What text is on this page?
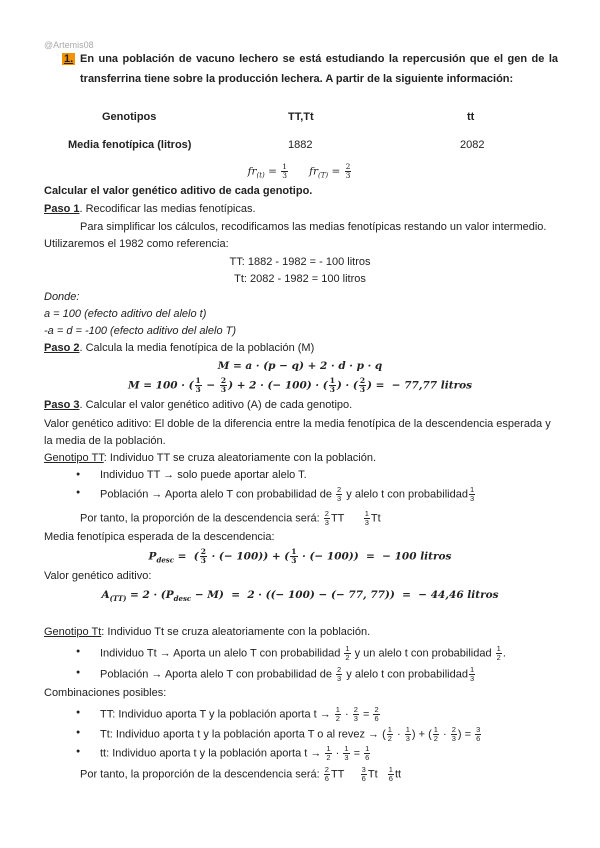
@Artemis08
1. En una población de vacuno lechero se está estudiando la repercusión que el gen de la
transferrina tiene sobre la producción lechera. A partir de la siguiente información:
Genotipos	TT,Tt	tt
Media fenotípica (litros)	1882	2082
$fr_{(t)} = \frac{1}{3} fr_{(T)} = \frac{2}{3}$
Calcular el valor genético aditivo de cada genotipo.
Paso 1. Recodificar las medias fenotípicas.
Para simplificar los cálculos, recodificamos las medias fenotípicas restando un valor intermedio.
Utilizaremos el 1982 como referencia:
TT: 1882 - 1982 = - 100 litros
Tt: 2082 - 1982 = 100 litros
Donde:
a = 100 (efecto aditivo del alelo t)
-a = d = -100 (efecto aditivo del alelo T)
Paso 2. Calcula la media fenotípica de la población (M)
M = a · (p − q) + 2 · d · p · q
M = 100 · ( $\frac{1}{3} - \frac{2}{3}$ ) + 2 · (− 100) · ( $\frac{1}{3}$ ) · ( $\frac{2}{3}$ ) =  − 77,77 litros
Paso 3. Calcular el valor genético aditivo (A) de cada genotipo.
Valor genético aditivo: El doble de la diferencia entre la media fenotípica de la descendencia esperada y
la media de la población.
Genotipo TT: Individuo TT se cruza aleatoriamente con la población.
● Individuo TT → solo puede aportar alelo T.
● Población → Aporta alelo T con probabilidad de $\frac{2}{3}$ y alelo t con probabilidad $\frac{1}{3}$
Por tanto, la proporción de la descendencia será: $\frac{2}{3}$ TT $\frac{1}{3}$ Tt
Media fenotípica esperada de la descendencia:
$P_{desc}$ =  ( $\frac{2}{3}$ · (− 100)) + ( $\frac{1}{3}$ · (− 100))  =  − 100 litros
Valor genético aditivo:
$A_{(TT)} = 2 \cdot (P_{desc} - M) = 2$ · ((− 100) − (− 77, 77))  =  − 44,46 litros
Genotipo Tt: Individuo Tt se cruza aleatoriamente con la población.
● Individuo Tt → Aporta un alelo T con probabilidad $\frac{1}{2}$ y un alelo t con probabilidad $\frac{1}{2}$ .
● Población → Aporta alelo T con probabilidad de $\frac{2}{3}$ y alelo t con probabilidad $\frac{1}{3}$
Combinaciones posibles:
● TT: Individuo aporta T y la población aporta $t \to \frac{1}{2} \cdot \frac{2}{3} = \frac{2}{6}$
● Tt: Individuo aporta t y la población aporta T o al revez → ( $\frac{1}{2} \cdot \frac{1}{3}$ ) + ( $\frac{1}{2} \cdot \frac{2}{3}$ ) = $\frac{3}{6}$
● tt: Individuo aporta t y la población aporta $t \to \frac{1}{2} \cdot \frac{1}{3} = \frac{1}{6}$
Por tanto, la proporción de la descendencia será: $\frac{2}{6}$ TT $\frac{3}{6}$ Tt $\frac{1}{6}$ tt
